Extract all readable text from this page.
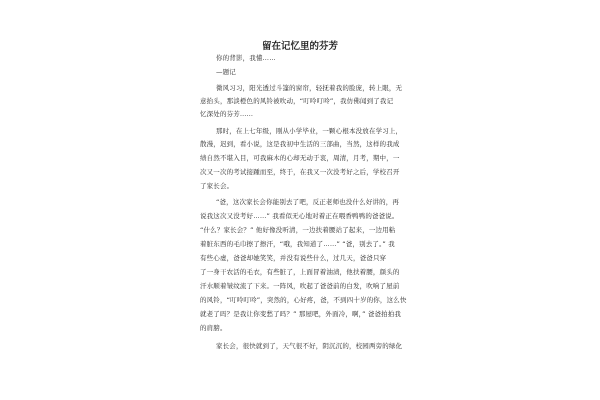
留在记忆里的芬芳
你的背影，我懂……
—题记
微风习习，阳光透过斗篷的窗帘，轻抚着我的脸庞，转上眼，无
意抬头，那淡橙色的风铃被吹动，“叮呤叮呤”，我仿佛闻到了我记
忆深处的芬芳……
那时，在上七年级，刚从小学毕业，一颗心根本没放在学习上，
散漫，迟到，看小说，这是我初中生活的三部曲，当然，这样的我成
绩自然不堪入目，可我麻木的心却无动于衷，周清，月考，期中，一
次又一次的考试接踵而至，终于，在我又一次没考好之后，学校召开
了家长会。
“爸，这次家长会你能别去了吧，反正老师也没什么好讲的，再
说我这次又没考好……” 我看似无心地对着正在喂香鸭鸭的爸爸说。
“什么？家长会？” 他好像没听清，一边扶着腰站了起来，一边用粘
着脏东西的毛巾擦了擦汗，“哦，我知道了……” “爸，别去了。” 我
有些心虚，爸爸却她笑笑，并没有说些什么，过几天，爸爸只穿
了一身干农活的毛衣，有些脏了，上面冒着油渍，他扶着腰，颜头的
汗水顺着皱纹流了下来。一阵风，吹起了爸爸前的白发，吹响了屋前
的风铃，“叮呤叮呤”，突然的，心好疼，爸，不到四十岁的你，这么快
就老了吗？是我让你变愁了吗？” 那屋吧，外面冷，啊，” 爸爸拍拍我
的肩膀。
家长会，很快就到了，天气很不好，阴沉沉的，校园两旁的绿化
